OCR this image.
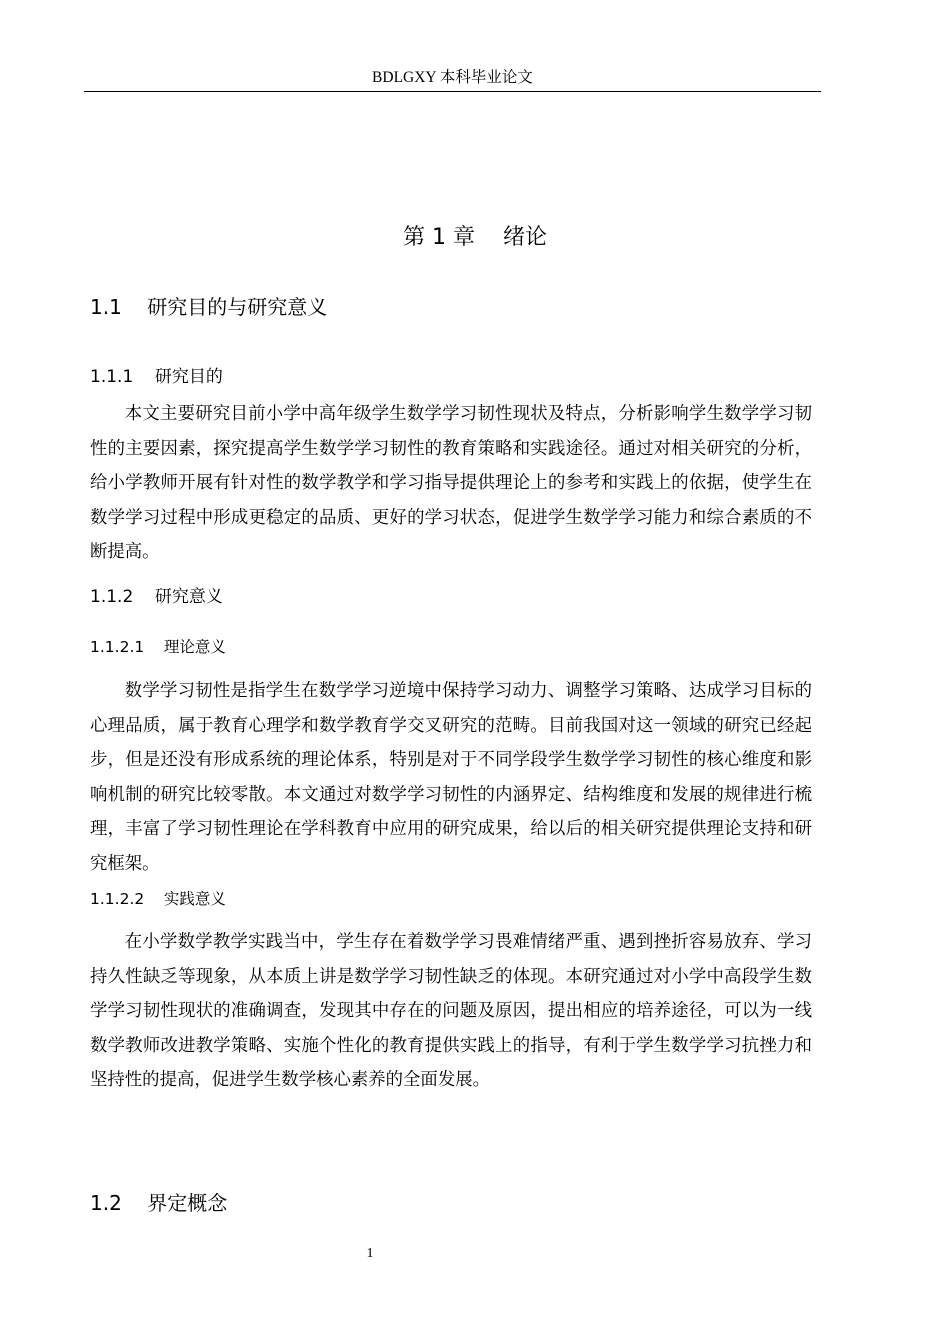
BDLGXY 本科毕业论文
第 1 章    绪论
1.1    研究目的与研究意义
1.1.1    研究目的

本文主要研究目前小学中高年级学生数学学习韧性现状及特点，分析影响学生数学学习韧性的主要因素，探究提高学生数学学习韧性的教育策略和实践途径。通过对相关研究的分析，给小学教师开展有针对性的数学教学和学习指导提供理论上的参考和实践上的依据，使学生在数学学习过程中形成更稳定的品质、更好的学习状态，促进学生数学学习能力和综合素质的不断提高。

1.1.2    研究意义
1.1.2.1    理论意义

数学学习韧性是指学生在数学学习逆境中保持学习动力、调整学习策略、达成学习目标的心理品质，属于教育心理学和数学教育学交叉研究的范畴。目前我国对这一领域的研究已经起步，但是还没有形成系统的理论体系，特别是对于不同学段学生数学学习韧性的核心维度和影响机制的研究比较零散。本文通过对数学学习韧性的内涵界定、结构维度和发展的规律进行梳理，丰富了学习韧性理论在学科教育中应用的研究成果，给以后的相关研究提供理论支持和研究框架。

1.1.2.2    实践意义

在小学数学教学实践当中，学生存在着数学学习畏难情绪严重、遇到挫折容易放弃、学习持久性缺乏等现象，从本质上讲是数学学习韧性缺乏的体现。本研究通过对小学中高段学生数学学习韧性现状的准确调查，发现其中存在的问题及原因，提出相应的培养途径，可以为一线数学教师改进教学策略、实施个性化的教育提供实践上的指导，有利于学生数学学习抗挫力和坚持性的提高，促进学生数学核心素养的全面发展。

1.2    界定概念
1
